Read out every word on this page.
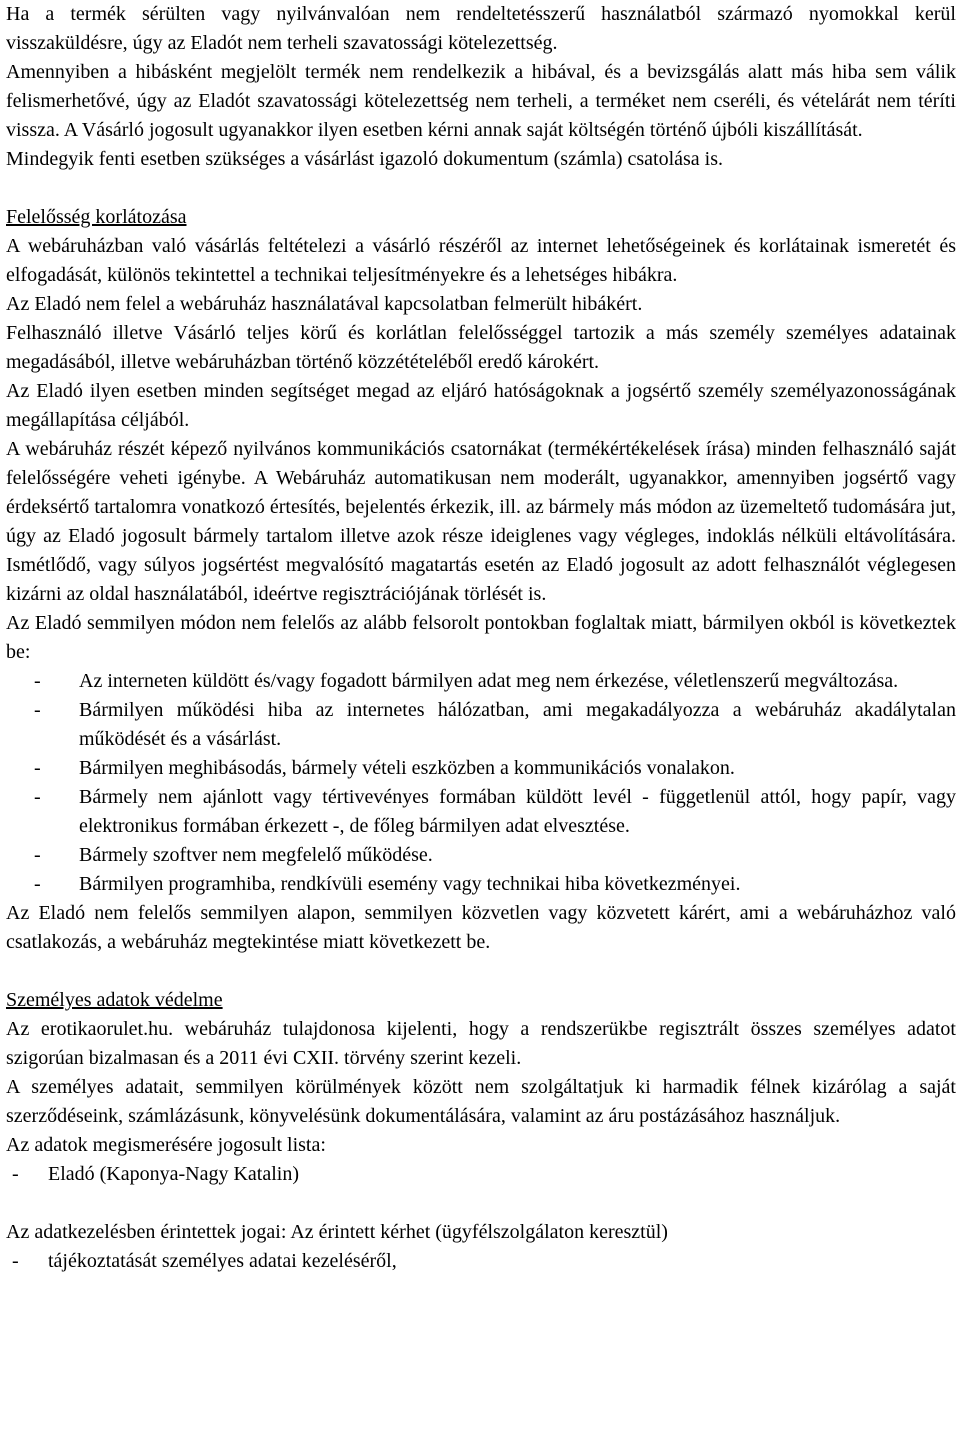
Ha a termék sérülten vagy nyilvánvalóan nem rendeltetésszerű használatból származó nyomokkal kerül visszaküldésre, úgy az Eladót nem terheli szavatossági kötelezettség.

Amennyiben a hibásként megjelölt termék nem rendelkezik a hibával, és a bevizsgálás alatt más hiba sem válik felismerhetővé, úgy az Eladót szavatossági kötelezettség nem terheli, a terméket nem cseréli, és vételárát nem téríti vissza. A Vásárló jogosult ugyanakkor ilyen esetben kérni annak saját költségén történő újbóli kiszállítását.

Mindegyik fenti esetben szükséges a vásárlást igazoló dokumentum (számla) csatolása is.

Felelősség korlátozása

A webáruházban való vásárlás feltételezi a vásárló részéről az internet lehetőségeinek és korlátainak ismeretét és elfogadását, különös tekintettel a technikai teljesítményekre és a lehetséges hibákra.

Az Eladó nem felel a webáruház használatával kapcsolatban felmerült hibákért.

Felhasználó illetve Vásárló teljes körű és korlátlan felelősséggel tartozik a más személy személyes adatainak megadásából, illetve webáruházban történő közzétételéből eredő károkért.

Az Eladó ilyen esetben minden segítséget megad az eljáró hatóságoknak a jogsértő személy személyazonosságának megállapítása céljából.

A webáruház részét képező nyilvános kommunikációs csatornákat (termékértékelések írása) minden felhasználó saját felelősségére veheti igénybe. A Webáruház automatikusan nem moderált, ugyanakkor, amennyiben jogsértő vagy érdeksértő tartalomra vonatkozó értesítés, bejelentés érkezik, ill. az bármely más módon az üzemeltető tudomására jut, úgy az Eladó jogosult bármely tartalom illetve azok része ideiglenes vagy végleges, indoklás nélküli eltávolítására. Ismétlődő, vagy súlyos jogsértést megvalósító magatartás esetén az Eladó jogosult az adott felhasználót véglegesen kizárni az oldal használatából, ideértve regisztrációjának törlését is.

Az Eladó semmilyen módon nem felelős az alább felsorolt pontokban foglaltak miatt, bármilyen okból is következtek be:

-	Az interneten küldött és/vagy fogadott bármilyen adat meg nem érkezése, véletlenszerű megváltozása.
-	Bármilyen működési hiba az internetes hálózatban, ami megakadályozza a webáruház akadálytalan működését és a vásárlást.
-	Bármilyen meghibásodás, bármely vételi eszközben a kommunikációs vonalakon.
-	Bármely nem ajánlott vagy tértivevényes formában küldött levél - függetlenül attól, hogy papír, vagy elektronikus formában érkezett -, de főleg bármilyen adat elvesztése.
-	Bármely szoftver nem megfelelő működése.
-	Bármilyen programhiba, rendkívüli esemény vagy technikai hiba következményei.

Az Eladó nem felelős semmilyen alapon, semmilyen közvetlen vagy közvetett kárért, ami a webáruházhoz való csatlakozás, a webáruház megtekintése miatt következett be.

Személyes adatok védelme

Az erotikaorulet.hu. webáruház tulajdonosa kijelenti, hogy a rendszerükbe regisztrált összes személyes adatot szigorúan bizalmasan és a 2011 évi CXII. törvény szerint kezeli.

A személyes adatait, semmilyen körülmények között nem szolgáltatjuk ki harmadik félnek kizárólag a saját szerződéseink, számlázásunk, könyvelésünk dokumentálására, valamint az áru postázásához használjuk.

Az adatok megismerésére jogosult lista:

-	Eladó (Kaponya-Nagy Katalin)

Az adatkezelésben érintettek jogai: Az érintett kérhet (ügyfélszolgálaton keresztül)

-	tájékoztatását személyes adatai kezeléséről,
